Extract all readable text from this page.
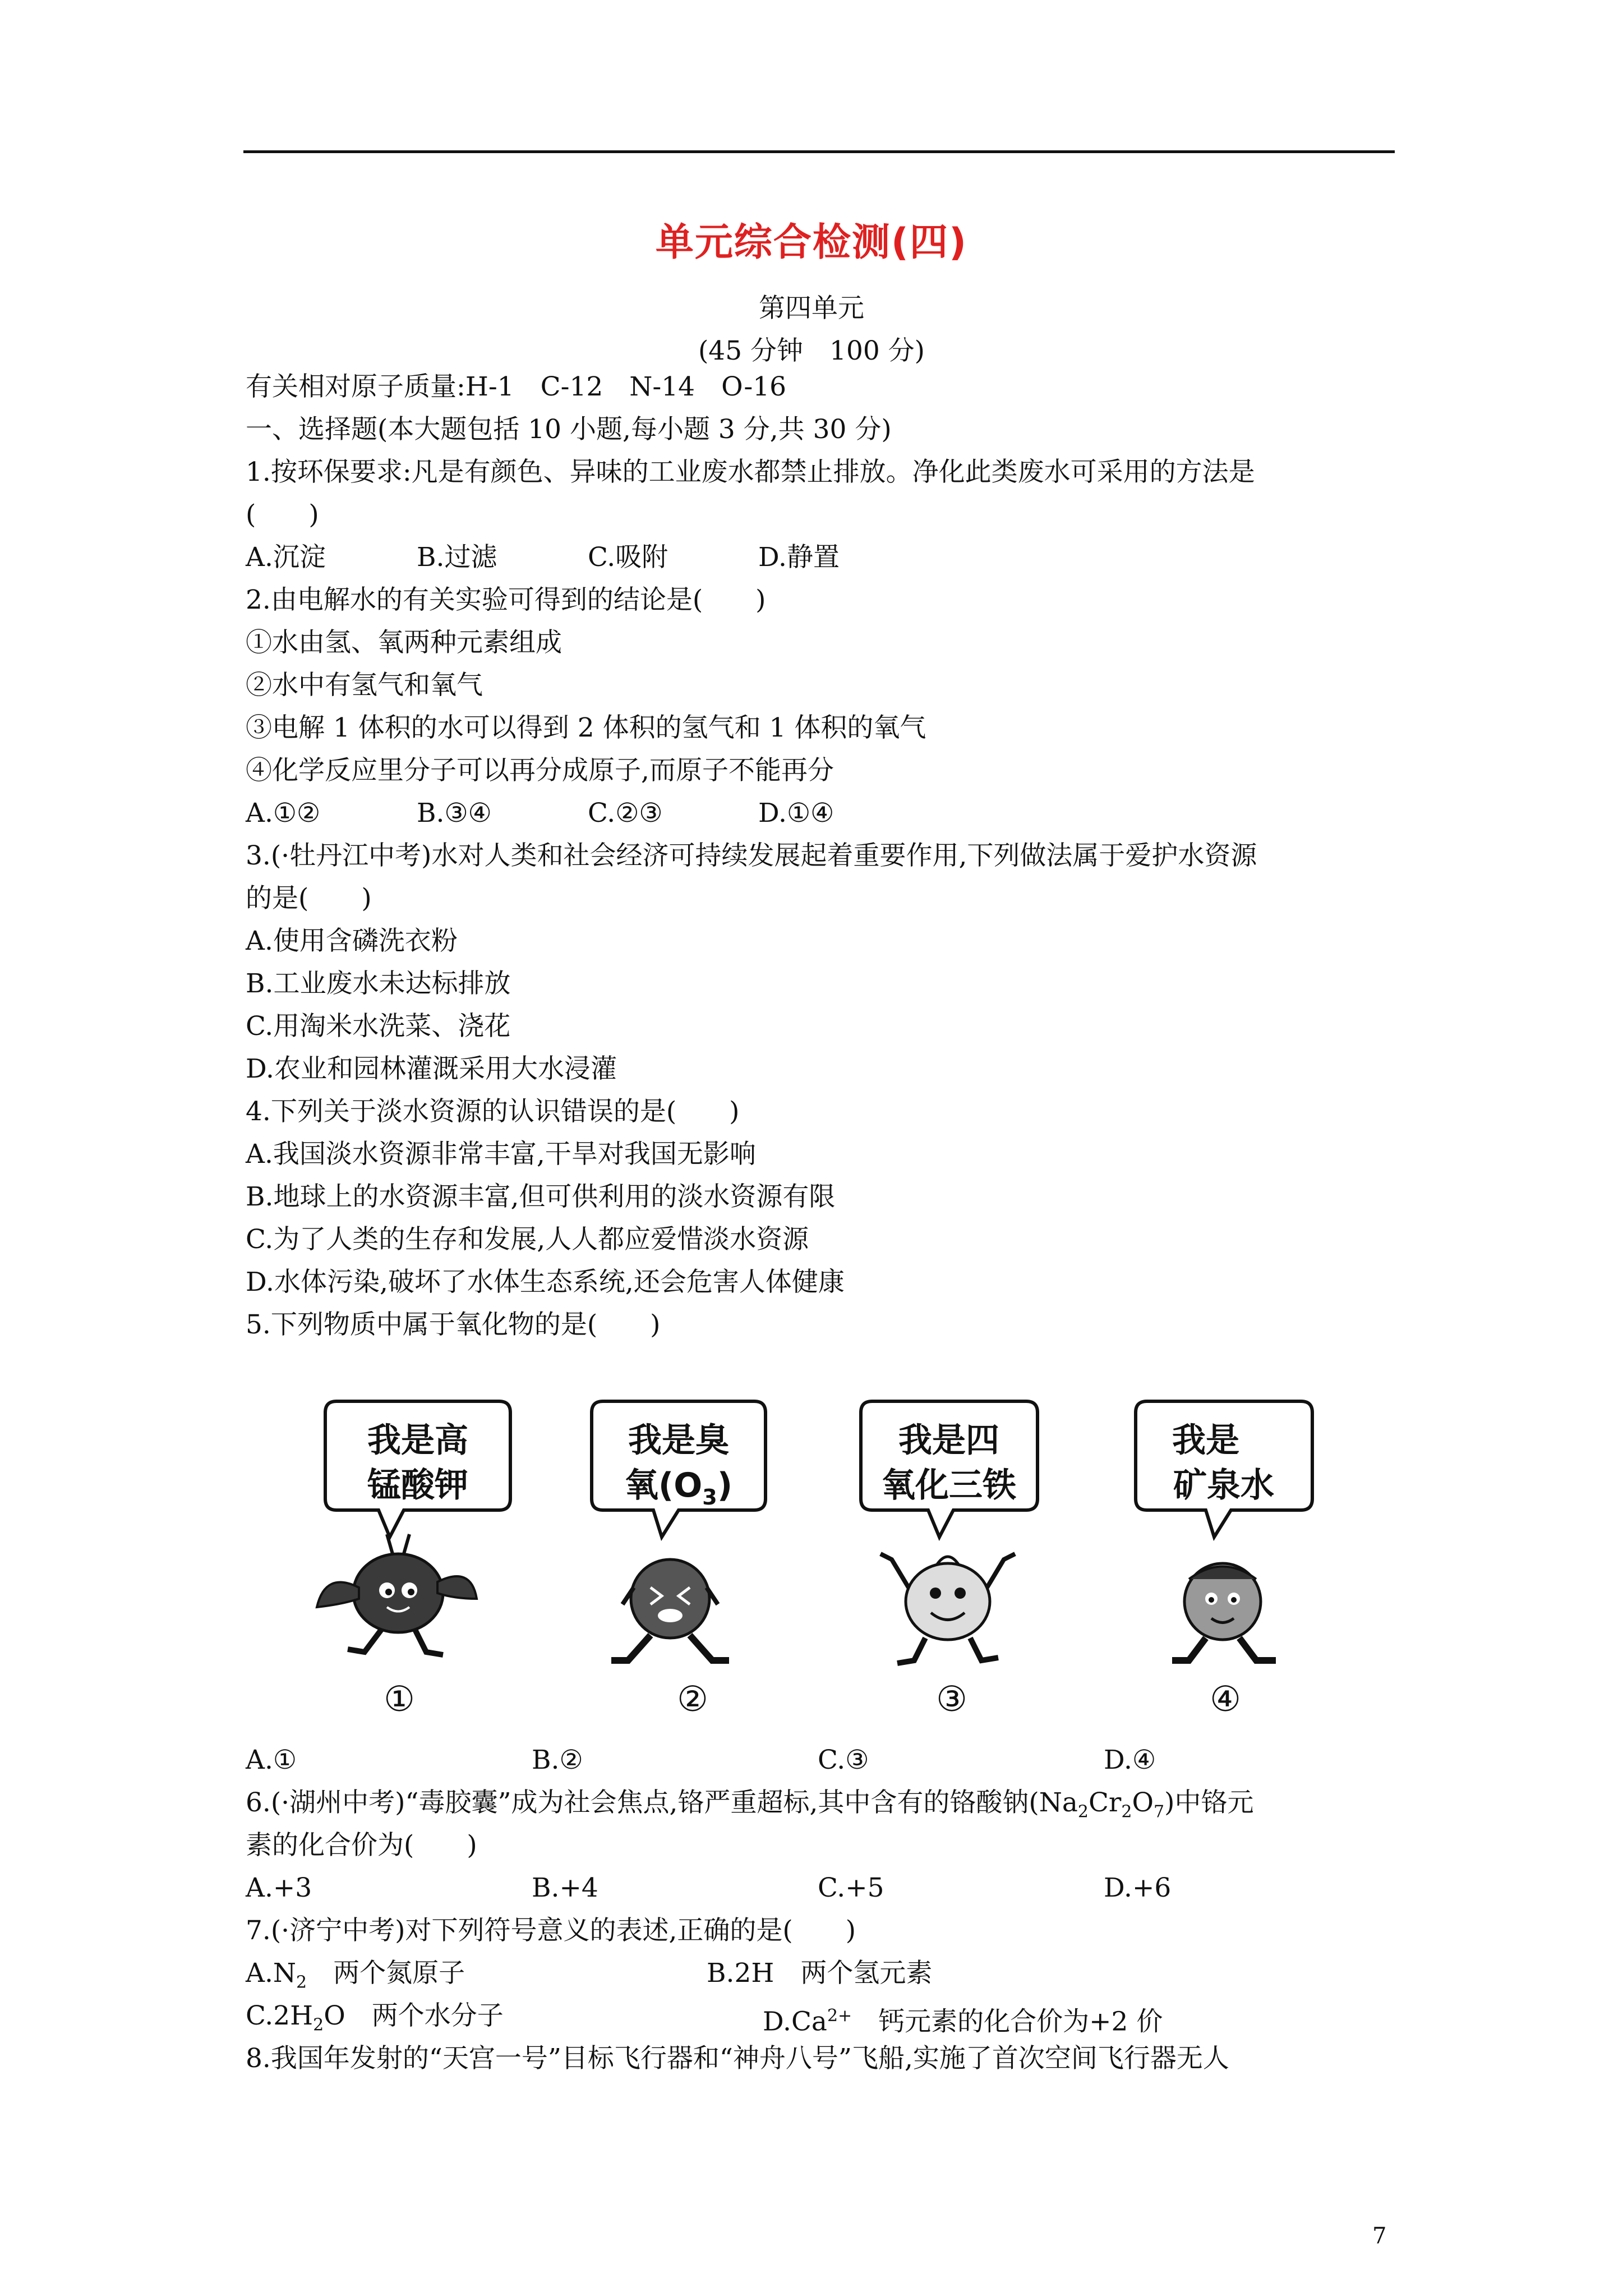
单元综合检测(四)
第四单元
(45 分钟　100 分)
有关相对原子质量:H-1　C-12　N-14　O-16
一、选择题(本大题包括 10 小题,每小题 3 分,共 30 分)
1.按环保要求:凡是有颜色、异味的工业废水都禁止排放。净化此类废水可采用的方法是
(　　)
A.沉淀	B.过滤	C.吸附	D.静置
2.由电解水的有关实验可得到的结论是(　　)
①水由氢、氧两种元素组成
②水中有氢气和氧气
③电解 1 体积的水可以得到 2 体积的氢气和 1 体积的氧气
④化学反应里分子可以再分成原子,而原子不能再分
A.①②	B.③④	C.②③	D.①④
3.(·牡丹江中考)水对人类和社会经济可持续发展起着重要作用,下列做法属于爱护水资源
的是(　　)
A.使用含磷洗衣粉
B.工业废水未达标排放
C.用淘米水洗菜、浇花
D.农业和园林灌溉采用大水浸灌
4.下列关于淡水资源的认识错误的是(　　)
A.我国淡水资源非常丰富,干旱对我国无影响
B.地球上的水资源丰富,但可供利用的淡水资源有限
C.为了人类的生存和发展,人人都应爱惜淡水资源
D.水体污染,破坏了水体生态系统,还会危害人体健康
5.下列物质中属于氧化物的是(　　)
我是高
锰酸钾
我是臭
氧$(O_3)$
我是四
氧化三铁
我是
矿泉水
①	②	③	④
A.①	B.②	C.③	D.④
6.(·湖州中考)“毒胶囊”成为社会焦点,铬严重超标,其中含有的铬酸钠$(Na_2Cr_2O_7)$中铬元
素的化合价为(　　)
A.+3	B.+4	C.+5	D.+6
7.(·济宁中考)对下列符号意义的表述,正确的是(　　)
$A.N_2$　两个氮原子	B.2H　两个氢元素
$C.2H_2O$　两个水分子	$D.Ca^{2+}$　钙元素的化合价为+2 价
8.我国年发射的“天宫一号”目标飞行器和“神舟八号”飞船,实施了首次空间飞行器无人
7
